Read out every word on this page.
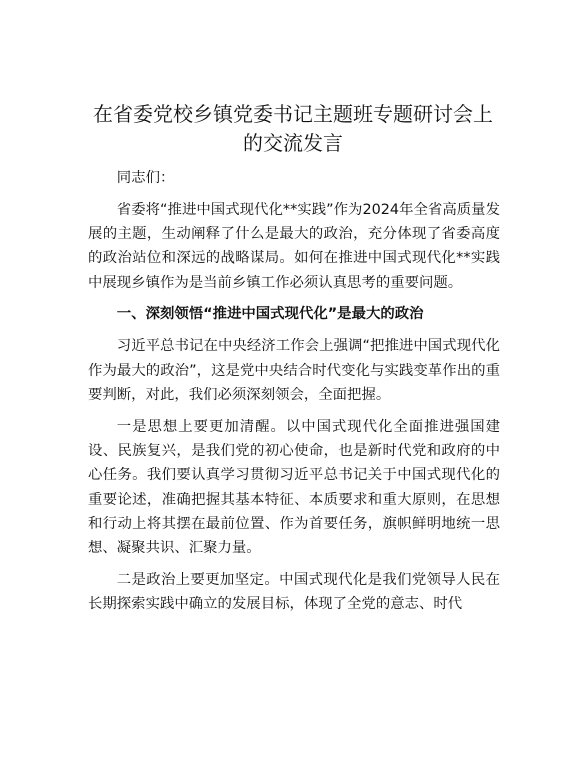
在省委党校乡镇党委书记主题班专题研讨会上
的交流发言

同志们：

省委将“推进中国式现代化**实践”作为2024年全省高质量发展的主题，生动阐释了什么是最大的政治，充分体现了省委高度的政治站位和深远的战略谋局。如何在推进中国式现代化**实践中展现乡镇作为是当前乡镇工作必须认真思考的重要问题。

一、深刻领悟“推进中国式现代化”是最大的政治

习近平总书记在中央经济工作会上强调“把推进中国式现代化作为最大的政治”，这是党中央结合时代变化与实践变革作出的重要判断，对此，我们必须深刻领会，全面把握。

一是思想上要更加清醒。以中国式现代化全面推进强国建设、民族复兴，是我们党的初心使命，也是新时代党和政府的中心任务。我们要认真学习贯彻习近平总书记关于中国式现代化的重要论述，准确把握其基本特征、本质要求和重大原则，在思想和行动上将其摆在最前位置、作为首要任务，旗帜鲜明地统一思想、凝聚共识、汇聚力量。

二是政治上要更加坚定。中国式现代化是我们党领导人民在长期探索实践中确立的发展目标，体现了全党的意志、时代
